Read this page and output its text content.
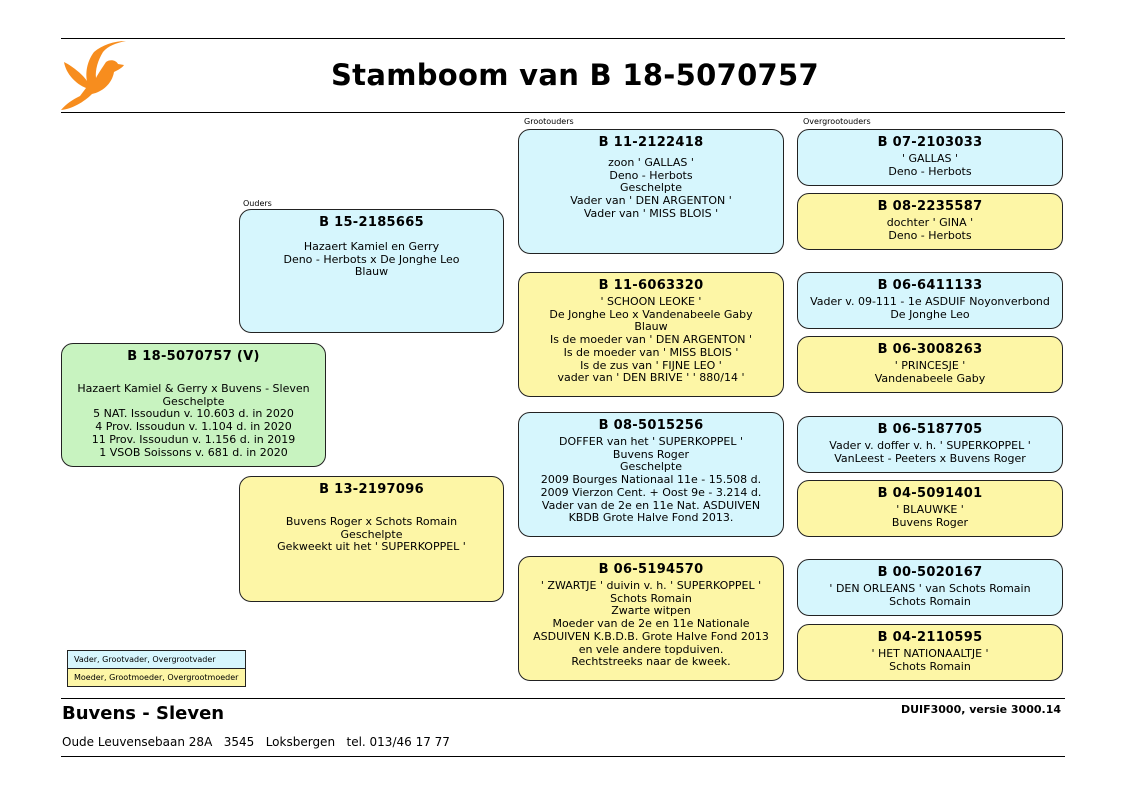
Stamboom van B 18-5070757
Ouders
Grootouders	Overgrootouders
B 18-5070757 (V)
Hazaert Kamiel & Gerry x Buvens - Sleven
Geschelpte
5 NAT. Issoudun v. 10.603 d. in 2020
4 Prov. Issoudun v. 1.104 d. in 2020
11 Prov. Issoudun v. 1.156 d. in 2019
1 VSOB Soissons v. 681 d. in 2020
B 15-2185665
Hazaert Kamiel en Gerry
Deno - Herbots x De Jonghe Leo
Blauw
B 13-2197096
Buvens Roger x Schots Romain
Geschelpte
Gekweekt uit het ' SUPERKOPPEL '
B 11-2122418
zoon ' GALLAS '
Deno - Herbots
Geschelpte
Vader van ' DEN ARGENTON '
Vader van ' MISS BLOIS '
B 11-6063320
' SCHOON LEOKE '
De Jonghe Leo x Vandenabeele Gaby
Blauw
Is de moeder van ' DEN ARGENTON '
Is de moeder van ' MISS BLOIS '
Is de zus van ' FIJNE LEO '
vader van ' DEN BRIVE ' ' 880/14 '
B 08-5015256
DOFFER van het ' SUPERKOPPEL '
Buvens Roger
Geschelpte
2009 Bourges Nationaal 11e - 15.508 d.
2009 Vierzon Cent. + Oost 9e - 3.214 d.
Vader van de 2e en 11e Nat. ASDUIVEN
KBDB Grote Halve Fond 2013.
B 06-5194570
' ZWARTJE ' duivin v. h. ' SUPERKOPPEL '
Schots Romain
Zwarte witpen
Moeder van de 2e en 11e Nationale
ASDUIVEN K.B.D.B. Grote Halve Fond 2013
en vele andere topduiven.
Rechtstreeks naar de kweek.
B 07-2103033
' GALLAS '
Deno - Herbots
B 08-2235587
dochter ' GINA '
Deno - Herbots
B 06-6411133
Vader v. 09-111 - 1e ASDUIF Noyonverbond
De Jonghe Leo
B 06-3008263
' PRINCESJE '
Vandenabeele Gaby
B 06-5187705
Vader v. doffer v. h. ' SUPERKOPPEL '
VanLeest - Peeters x Buvens Roger
B 04-5091401
' BLAUWKE '
Buvens Roger
B 00-5020167
' DEN ORLEANS ' van Schots Romain
Schots Romain
B 04-2110595
' HET NATIONAALTJE '
Schots Romain
Vader, Grootvader, Overgrootvader
Moeder, Grootmoeder, Overgrootmoeder
Buvens - Sleven	DUIF3000, versie 3000.14
Oude Leuvensebaan 28A   3545   Loksbergen   tel. 013/46 17 77
